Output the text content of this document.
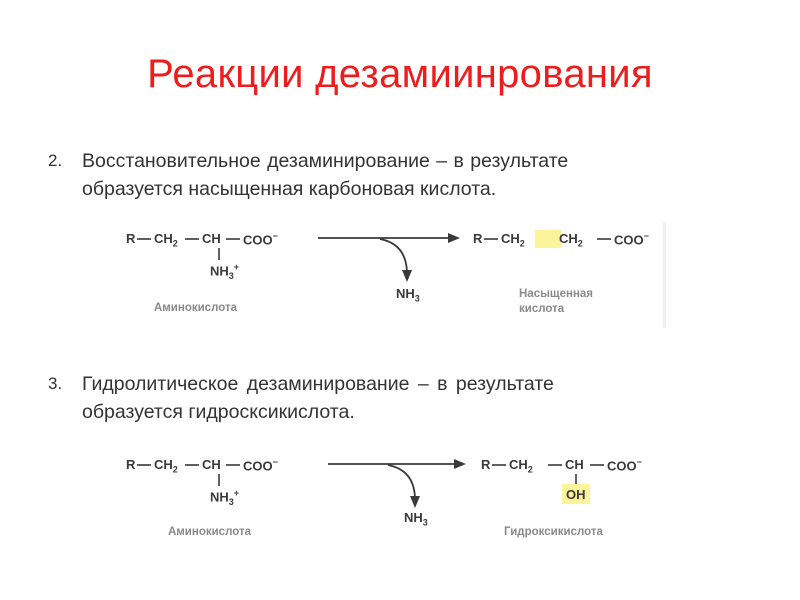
Реакции дезамиинрования
2.	Восстановительное дезаминирование – в результате
образуется насыщенная карбоновая кислота.
R $CH_2$ CH COO−
$NH_3^+$
Аминокислота
$NH_3$
R $CH_2$	$CH_2$ COO−
Насыщенная
кислота
3.	Гидролитическое дезаминирование – в результате
образуется гидросксикислота.
R $CH_2$ CH COO−
$NH_3^+$
Аминокислота
$NH_3$
R $CH_2$ CH COO−
OH
Гидроксикислота
